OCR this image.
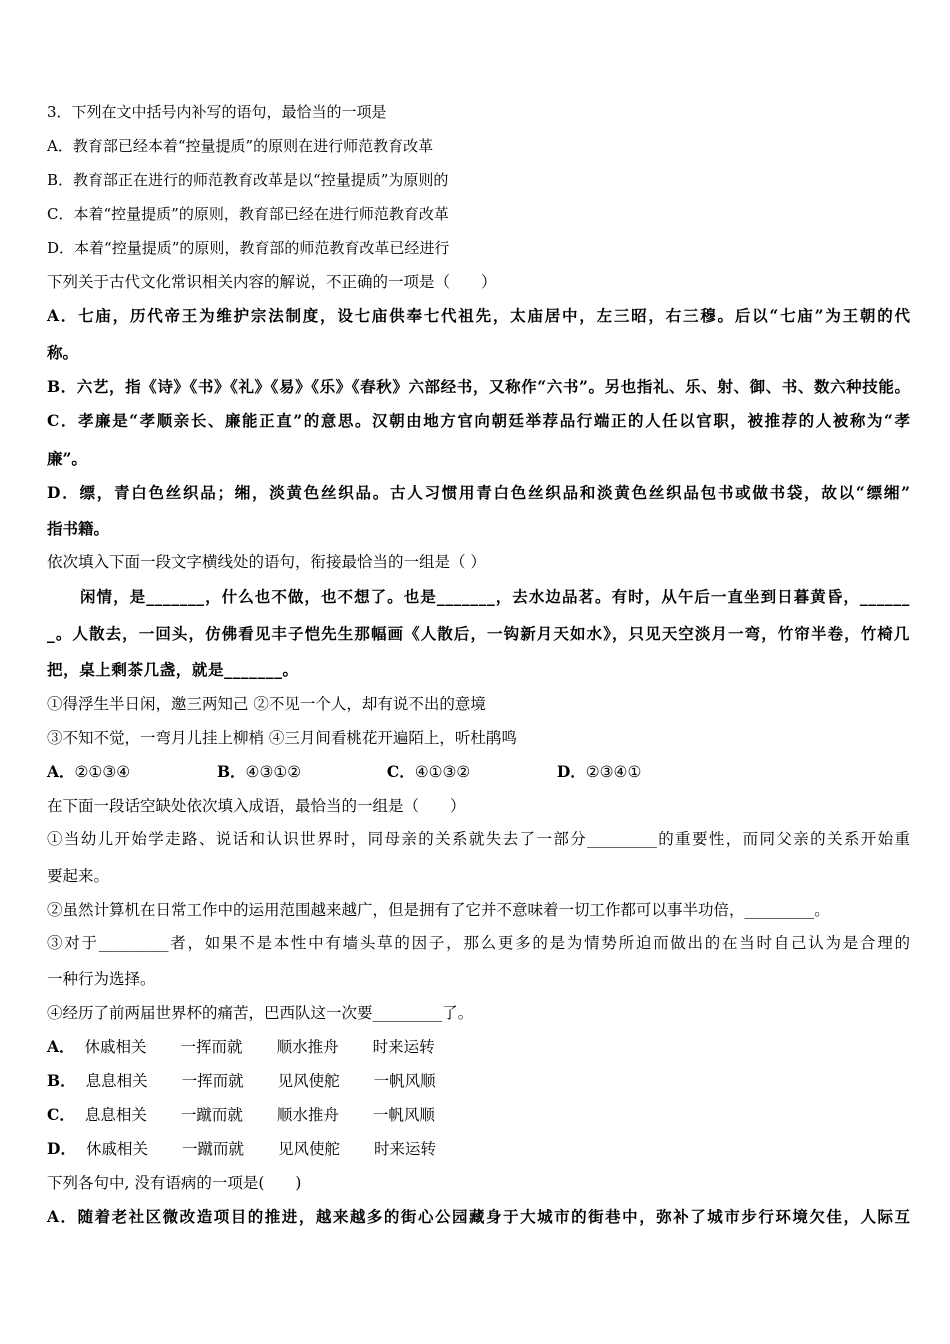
3．下列在文中括号内补写的语句，最恰当的一项是
A．教育部已经本着“控量提质”的原则在进行师范教育改革
B．教育部正在进行的师范教育改革是以“控量提质”为原则的
C．本着“控量提质”的原则，教育部已经在进行师范教育改革
D．本着“控量提质”的原则，教育部的师范教育改革已经进行
下列关于古代文化常识相关内容的解说，不正确的一项是（　　）
A．七庙，历代帝王为维护宗法制度，设七庙供奉七代祖先，太庙居中，左三昭，右三穆。后以“七庙”为王朝的代
称。
B．六艺，指《诗》《书》《礼》《易》《乐》《春秋》六部经书，又称作“六书”。另也指礼、乐、射、御、书、数六种技能。
C．孝廉是“孝顺亲长、廉能正直”的意思。汉朝由地方官向朝廷举荐品行端正的人任以官职，被推荐的人被称为“孝
廉”。
D．缥，青白色丝织品；缃，淡黄色丝织品。古人习惯用青白色丝织品和淡黄色丝织品包书或做书袋，故以“缥缃”
指书籍。
依次填入下面一段文字横线处的语句，衔接最恰当的一组是（ ）
闲情，是_______，什么也不做，也不想了。也是_______，去水边品茗。有时，从午后一直坐到日暮黄昏，______
_。人散去，一回头，仿佛看见丰子恺先生那幅画《人散后，一钩新月天如水》，只见天空淡月一弯，竹帘半卷，竹椅几
把，桌上剩茶几盏，就是_______。
①得浮生半日闲，邀三两知己 ②不见一个人，却有说不出的意境
③不知不觉，一弯月儿挂上柳梢 ④三月间看桃花开遍陌上，听杜鹃鸣
A．②①③④	B．④③①②	C．④①③②	D．②③④①
在下面一段话空缺处依次填入成语，最恰当的一组是（　　）
①当幼儿开始学走路、说话和认识世界时，同母亲的关系就失去了一部分_________的重要性，而同父亲的关系开始重
要起来。
②虽然计算机在日常工作中的运用范围越来越广，但是拥有了它并不意味着一切工作都可以事半功倍，_________。
③对于_________者，如果不是本性中有墙头草的因子，那么更多的是为情势所迫而做出的在当时自己认为是合理的
一种行为选择。
④经历了前两届世界杯的痛苦，巴西队这一次要_________了。
A． 休戚相关 一挥而就 顺水推舟 时来运转
B． 息息相关 一挥而就 见风使舵 一帆风顺
C． 息息相关 一蹴而就 顺水推舟 一帆风顺
D． 休戚相关 一蹴而就 见风使舵 时来运转
下列各句中, 没有语病的一项是(　　)
A．随着老社区微改造项目的推进，越来越多的街心公园藏身于大城市的街巷中，弥补了城市步行环境欠佳，人际互
